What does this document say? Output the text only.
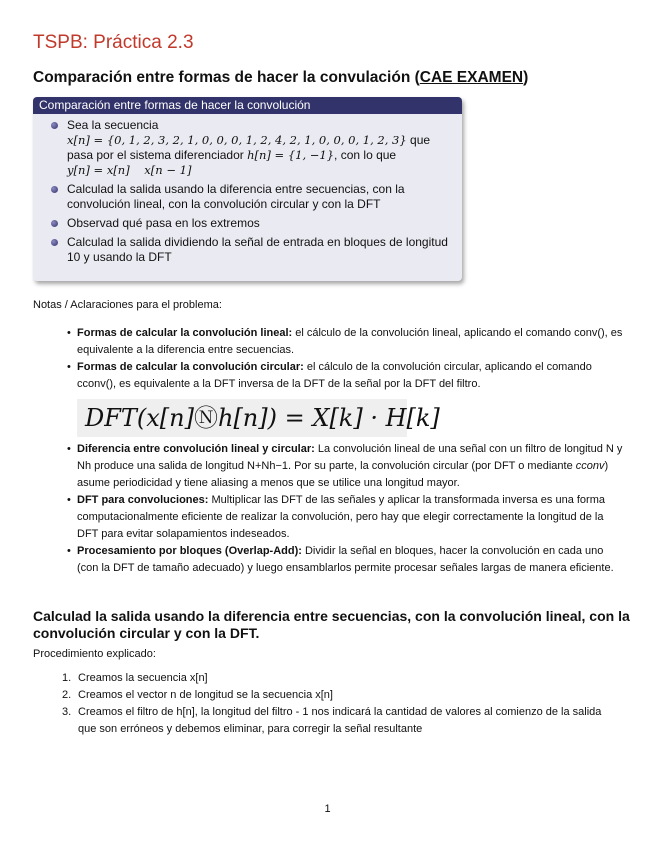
TSPB: Práctica 2.3
Comparación entre formas de hacer la convulación (CAE EXAMEN)
Comparación entre formas de hacer la convolución
Sea la secuencia
x[n] = {0, 1, 2, 3, 2, 1, 0, 0, 0, 1, 2, 4, 2, 1, 0, 0, 0, 1, 2, 3} que pasa por el sistema diferenciador h[n] = {1, −1}, con lo que
y[n] = x[n]    x[n − 1]
Calculad la salida usando la diferencia entre secuencias, con la convolución lineal, con la convolución circular y con la DFT
Observad qué pasa en los extremos
Calculad la salida dividiendo la señal de entrada en bloques de longitud 10 y usando la DFT

Notas / Aclaraciones para el problema:

• Formas de calcular la convolución lineal: el cálculo de la convolución lineal, aplicando el comando conv(), es equivalente a la diferencia entre secuencias.
• Formas de calcular la convolución circular: el cálculo de la convolución circular, aplicando el comando cconv(), es equivalente a la DFT inversa de la DFT de la señal por la DFT del filtro.
DFT(x[n]Ⓝh[n]) = X[k] · H[k]
• Diferencia entre convolución lineal y circular: La convolución lineal de una señal con un filtro de longitud N y Nh produce una salida de longitud N+Nh−1. Por su parte, la convolución circular (por DFT o mediante cconv) asume periodicidad y tiene aliasing a menos que se utilice una longitud mayor.
• DFT para convoluciones: Multiplicar las DFT de las señales y aplicar la transformada inversa es una forma computacionalmente eficiente de realizar la convolución, pero hay que elegir correctamente la longitud de la DFT para evitar solapamientos indeseados.
• Procesamiento por bloques (Overlap-Add): Dividir la señal en bloques, hacer la convolución en cada uno (con la DFT de tamaño adecuado) y luego ensamblarlos permite procesar señales largas de manera eficiente.
Calculad la salida usando la diferencia entre secuencias, con la convolución lineal, con la convolución circular y con la DFT.

Procedimiento explicado:

1. Creamos la secuencia x[n]
2. Creamos el vector n de longitud se la secuencia x[n]
3. Creamos el filtro de h[n], la longitud del filtro - 1 nos indicará la cantidad de valores al comienzo de la salida que son erróneos y debemos eliminar, para corregir la señal resultante
1
